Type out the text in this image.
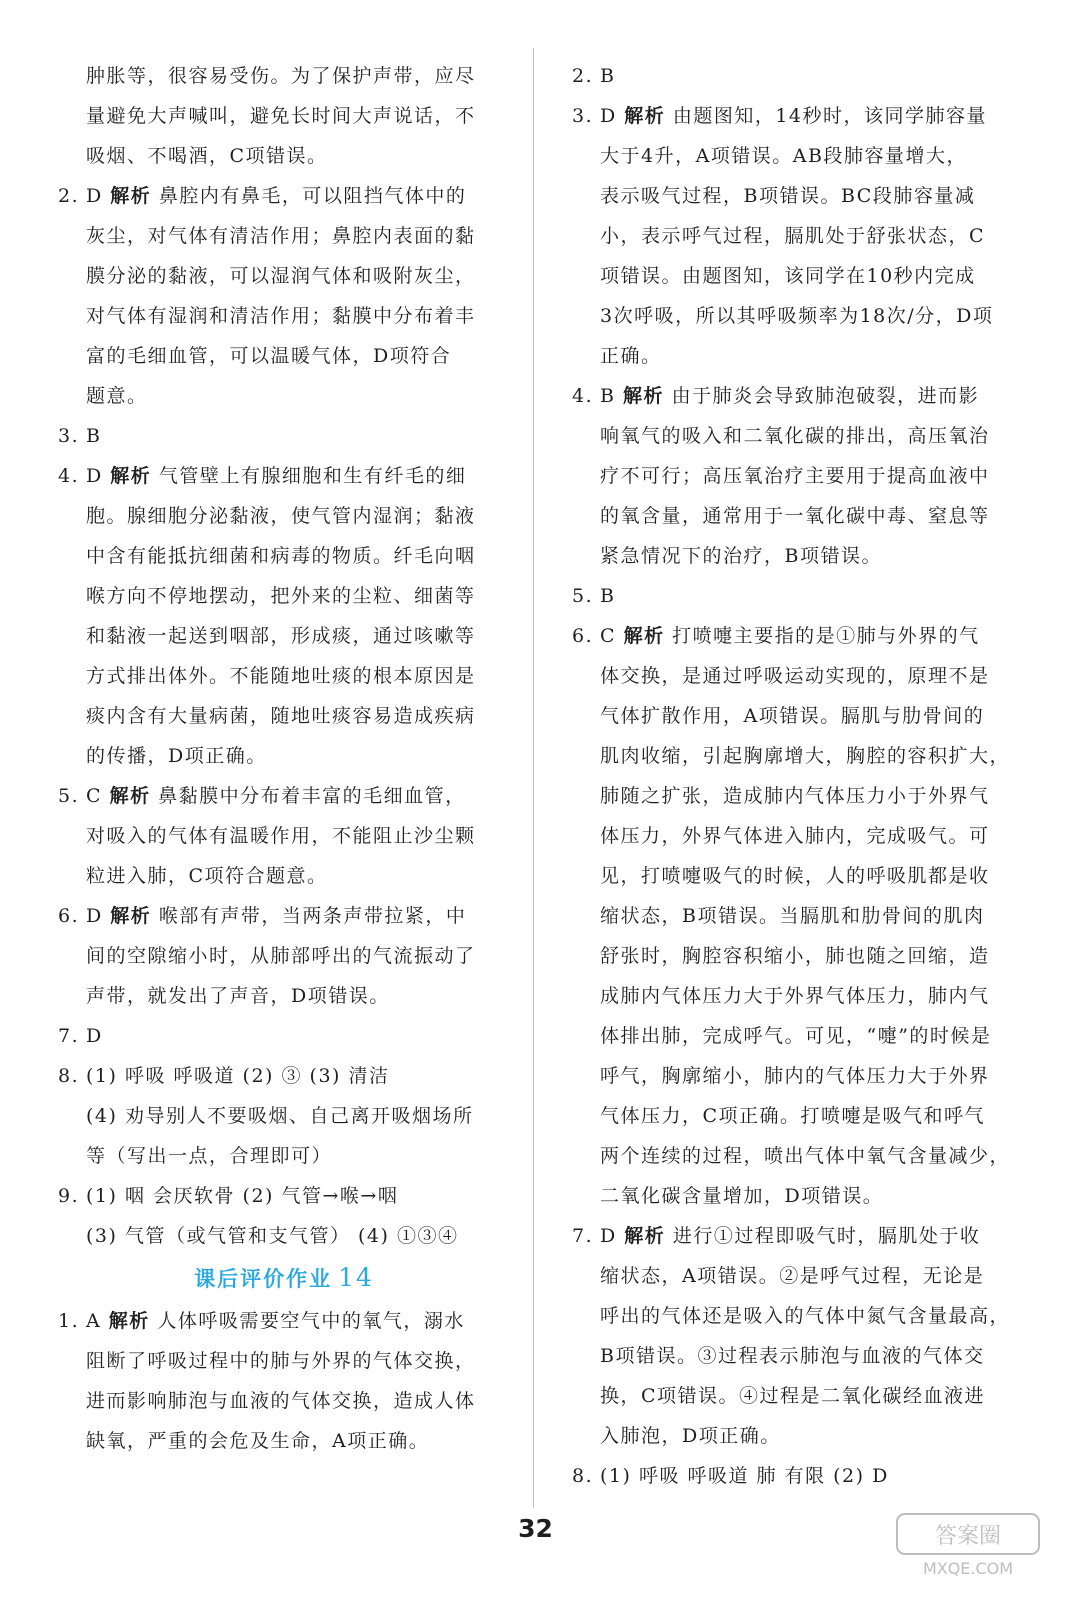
肿胀等，很容易受伤。为了保护声带，应尽

量避免大声喊叫，避免长时间大声说话，不

吸烟、不喝酒，C项错误。

2. D 解析 鼻腔内有鼻毛，可以阻挡气体中的

灰尘，对气体有清洁作用；鼻腔内表面的黏

膜分泌的黏液，可以湿润气体和吸附灰尘，

对气体有湿润和清洁作用；黏膜中分布着丰

富的毛细血管，可以温暖气体，D项符合

题意。

3. B

4. D 解析 气管壁上有腺细胞和生有纤毛的细

胞。腺细胞分泌黏液，使气管内湿润；黏液

中含有能抵抗细菌和病毒的物质。纤毛向咽

喉方向不停地摆动，把外来的尘粒、细菌等

和黏液一起送到咽部，形成痰，通过咳嗽等

方式排出体外。不能随地吐痰的根本原因是

痰内含有大量病菌，随地吐痰容易造成疾病

的传播，D项正确。

5. C 解析 鼻黏膜中分布着丰富的毛细血管，

对吸入的气体有温暖作用，不能阻止沙尘颗

粒进入肺，C项符合题意。

6. D 解析 喉部有声带，当两条声带拉紧，中

间的空隙缩小时，从肺部呼出的气流振动了

声带，就发出了声音，D项错误。

7. D

8. (1) 呼吸 呼吸道 (2) ③ (3) 清洁

(4) 劝导别人不要吸烟、自己离开吸烟场所

等（写出一点，合理即可）

9. (1) 咽 会厌软骨 (2) 气管→喉→咽

(3) 气管（或气管和支气管） (4) ①③④

课后评价作业 14
1. A 解析 人体呼吸需要空气中的氧气，溺水

阻断了呼吸过程中的肺与外界的气体交换，

进而影响肺泡与血液的气体交换，造成人体

缺氧，严重的会危及生命，A项正确。

2. B

3. D 解析 由题图知，14秒时，该同学肺容量

大于4升，A项错误。AB段肺容量增大，

表示吸气过程，B项错误。BC段肺容量减

小，表示呼气过程，膈肌处于舒张状态，C

项错误。由题图知，该同学在10秒内完成

3次呼吸，所以其呼吸频率为18次/分，D项

正确。

4. B 解析 由于肺炎会导致肺泡破裂，进而影

响氧气的吸入和二氧化碳的排出，高压氧治

疗不可行；高压氧治疗主要用于提高血液中

的氧含量，通常用于一氧化碳中毒、窒息等

紧急情况下的治疗，B项错误。

5. B

6. C 解析 打喷嚏主要指的是①肺与外界的气

体交换，是通过呼吸运动实现的，原理不是

气体扩散作用，A项错误。膈肌与肋骨间的

肌肉收缩，引起胸廓增大，胸腔的容积扩大，

肺随之扩张，造成肺内气体压力小于外界气

体压力，外界气体进入肺内，完成吸气。可

见，打喷嚏吸气的时候，人的呼吸肌都是收

缩状态，B项错误。当膈肌和肋骨间的肌肉

舒张时，胸腔容积缩小，肺也随之回缩，造

成肺内气体压力大于外界气体压力，肺内气

体排出肺，完成呼气。可见，“嚏”的时候是

呼气，胸廓缩小，肺内的气体压力大于外界

气体压力，C项正确。打喷嚏是吸气和呼气

两个连续的过程，喷出气体中氧气含量减少，

二氧化碳含量增加，D项错误。

7. D 解析 进行①过程即吸气时，膈肌处于收

缩状态，A项错误。②是呼气过程，无论是

呼出的气体还是吸入的气体中氮气含量最高，

B项错误。③过程表示肺泡与血液的气体交

换，C项错误。④过程是二氧化碳经血液进

入肺泡，D项正确。

8. (1) 呼吸 呼吸道 肺 有限 (2) D

32	答案圈
MXQE.COM
